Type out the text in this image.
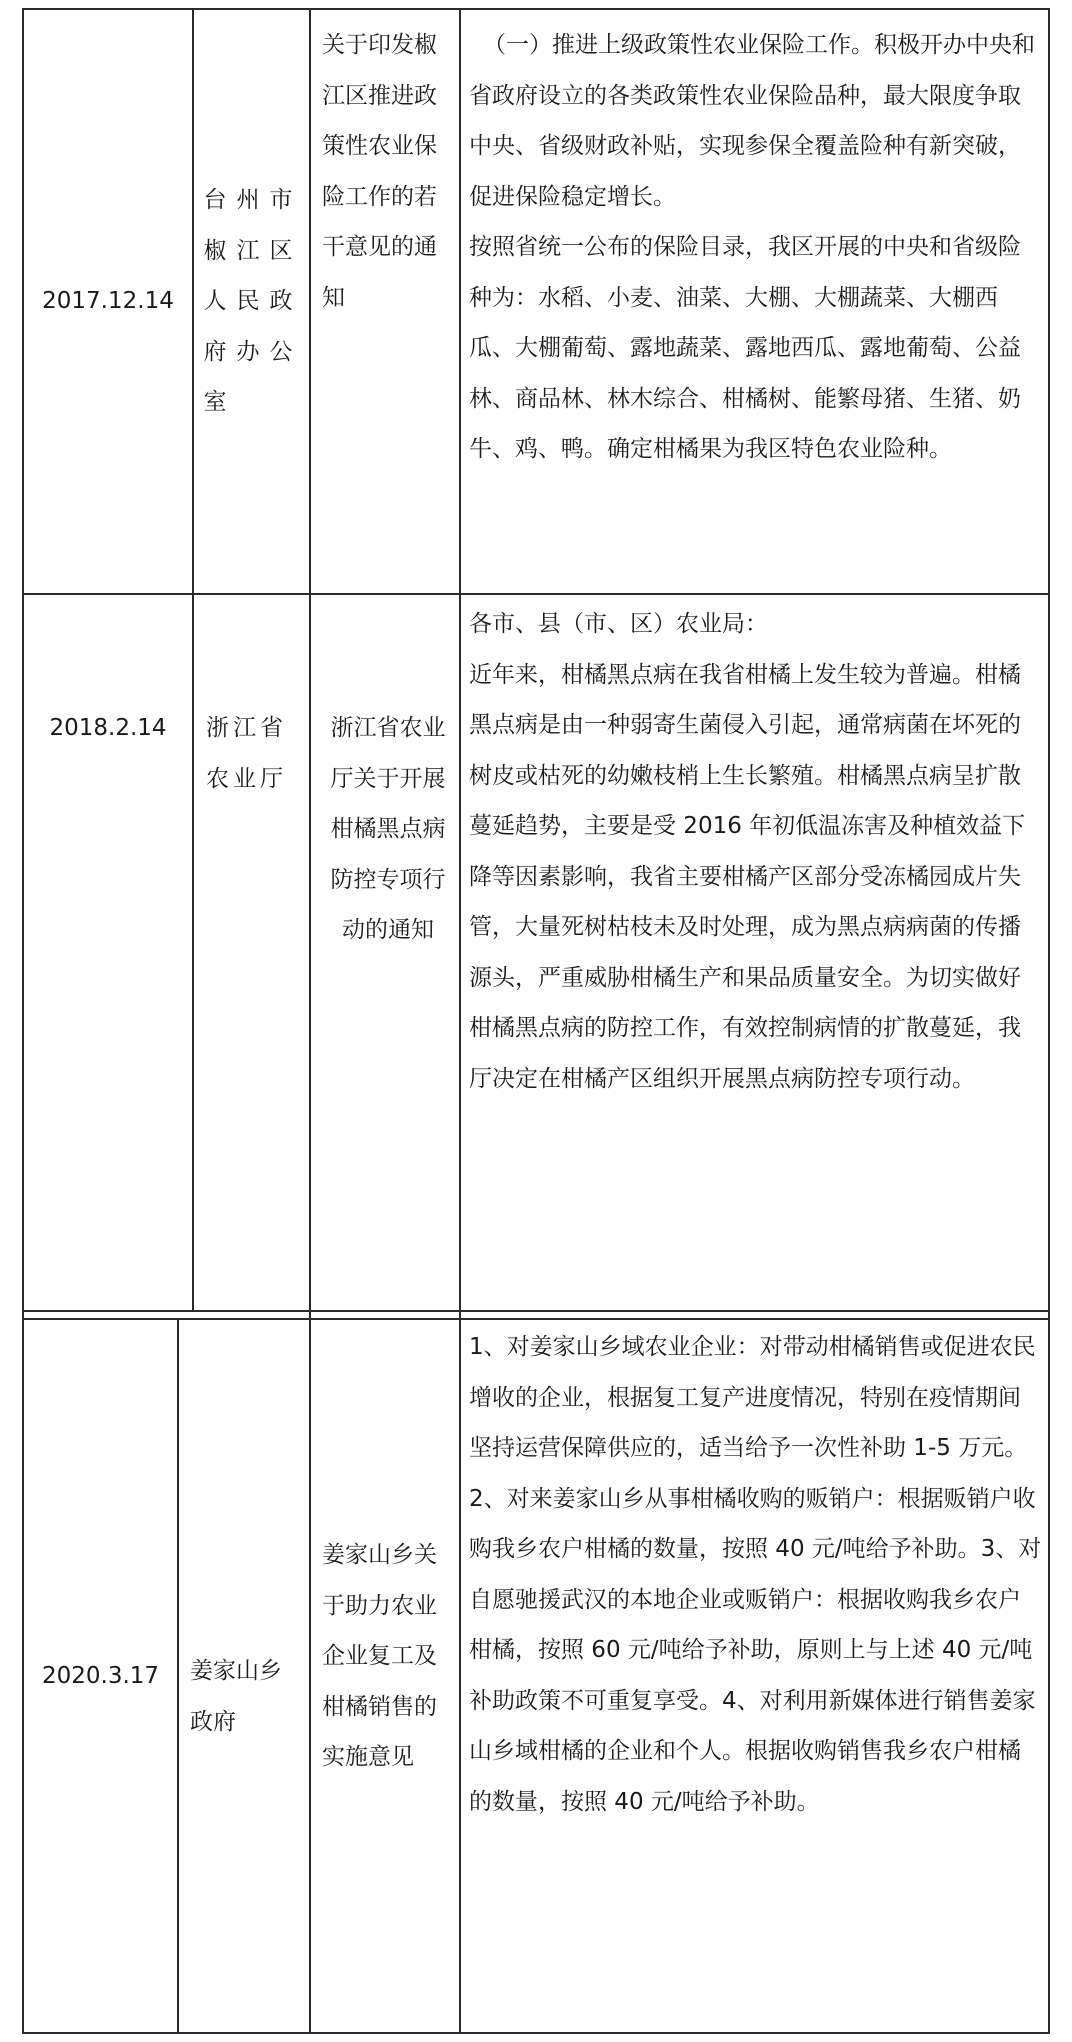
2017.12.14
台州市椒江区人民政府办公室
关于印发椒江区推进政策性农业保险工作的若干意见的通知
（一）推进上级政策性农业保险工作。积极开办中央和省政府设立的各类政策性农业保险品种，最大限度争取中央、省级财政补贴，实现参保全覆盖险种有新突破，促进保险稳定增长。
按照省统一公布的保险目录，我区开展的中央和省级险种为：水稻、小麦、油菜、大棚、大棚蔬菜、大棚西瓜、大棚葡萄、露地蔬菜、露地西瓜、露地葡萄、公益林、商品林、林木综合、柑橘树、能繁母猪、生猪、奶牛、鸡、鸭。确定柑橘果为我区特色农业险种。
2018.2.14 浙江省农业厅
浙江省农业厅关于开展柑橘黑点病防控专项行动的通知
各市、县（市、区）农业局：
近年来，柑橘黑点病在我省柑橘上发生较为普遍。柑橘黑点病是由一种弱寄生菌侵入引起，通常病菌在坏死的树皮或枯死的幼嫩枝梢上生长繁殖。柑橘黑点病呈扩散蔓延趋势，主要是受 2016 年初低温冻害及种植效益下降等因素影响，我省主要柑橘产区部分受冻橘园成片失管，大量死树枯枝未及时处理，成为黑点病病菌的传播源头，严重威胁柑橘生产和果品质量安全。为切实做好柑橘黑点病的防控工作，有效控制病情的扩散蔓延，我厅决定在柑橘产区组织开展黑点病防控专项行动。
2020.3.17 姜家山乡政府
姜家山乡关于助力农业企业复工及柑橘销售的实施意见
1、对姜家山乡域农业企业：对带动柑橘销售或促进农民增收的企业，根据复工复产进度情况，特别在疫情期间坚持运营保障供应的，适当给予一次性补助 1-5 万元。2、对来姜家山乡从事柑橘收购的贩销户：根据贩销户收购我乡农户柑橘的数量，按照 40 元/吨给予补助。3、对自愿驰援武汉的本地企业或贩销户：根据收购我乡农户柑橘，按照 60 元/吨给予补助，原则上与上述 40 元/吨补助政策不可重复享受。4、对利用新媒体进行销售姜家山乡域柑橘的企业和个人。根据收购销售我乡农户柑橘的数量，按照 40 元/吨给予补助。
